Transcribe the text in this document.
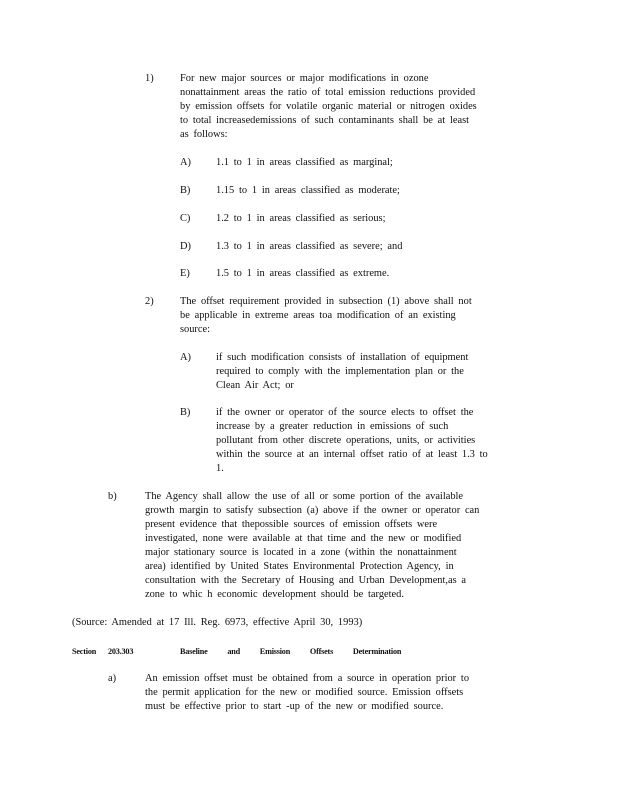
1)	For new major sources or major modifications in ozone
nonattainment areas the ratio of total emission reductions provided
by emission offsets for volatile organic material or nitrogen oxides
to total increasedemissions of such contaminants shall be at least
as follows:
A) 1.1 to 1 in areas classified as marginal;
B) 1.15 to 1 in areas classified as moderate;
C) 1.2 to 1 in areas classified as serious;
D) 1.3 to 1 in areas classified as severe; and
E)	1.5 to 1 in areas classified as extreme.
2)	The offset requirement provided in subsection (1) above shall not
be applicable in extreme areas toa modification of an existing
source:
A) if such modification consists of installation of equipment
required to comply with the implementation plan or the
Clean Air Act; or
B) if the owner or operator of the source elects to offset the
increase by a greater reduction in emissions of such
pollutant from other discrete operations, units, or activities
within the source at an internal offset ratio of at least 1.3 to
1.
b)	The Agency shall allow the use of all or some portion of the available
growth margin to satisfy subsection (a) above if the owner or operator can
present evidence that thepossible sources of emission offsets were
investigated, none were available at that time and the new or modified
major stationary source is located in a zone (within the nonattainment
area) identified by United States Environmental Protection Agency, in
consultation with the Secretary of Housing and Urban Development,as a
zone to whic h economic development should be targeted.
(Source: Amended at 17 Ill. Reg. 6973, effective April 30, 1993)
Section 203.303	Baseline and Emission Offsets Determination
a)	An emission offset must be obtained from a source in operation prior to
the permit application for the new or modified source. Emission offsets
must be effective prior to start -up of the new or modified source.
